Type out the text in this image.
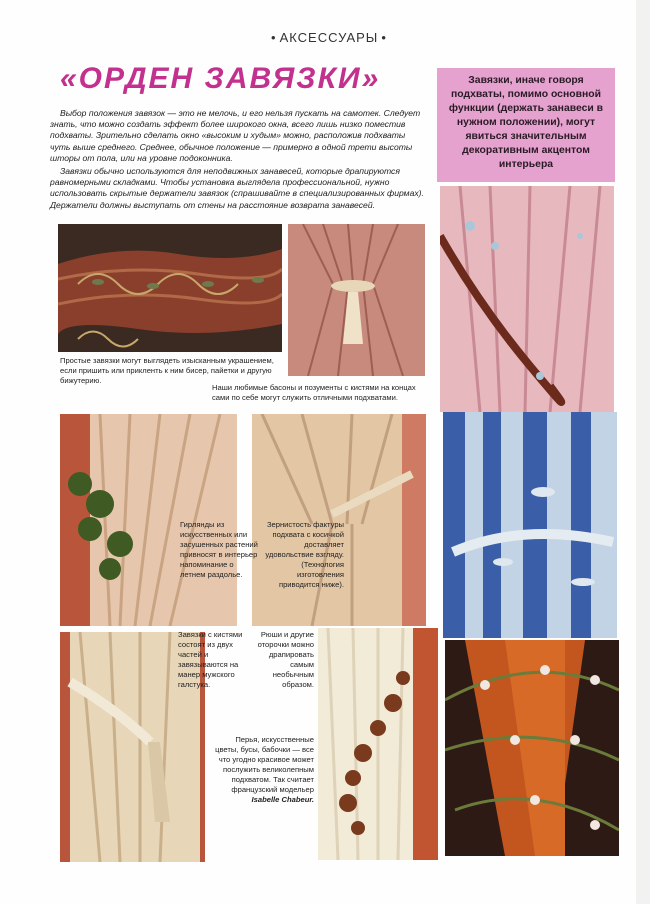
• АКСЕССУАРЫ •
«ОРДЕН ЗАВЯЗКИ»

Выбор положения завязок — это не мелочь, и его нельзя пускать на самотек. Следует знать, что можно создать эффект более широкого окна, всего лишь низко поместив подхваты. Зрительно сделать окно «высоким и худым» можно, расположив подхваты чуть выше среднего. Среднее, обычное положение — примерно в одной трети высоты шторы от пола, или на уровне подоконника.

Завязки обычно используются для неподвижных занавесей, которые драпируются равномерными складками. Чтобы установка выглядела профессиональной, нужно использовать скрытые держатели завязок (спрашивайте в специализированных фирмах). Держатели должны выступать от стены на расстояние возврата занавесей.

Завязки, иначе говоря подхваты, помимо основной функции (держать занавеси в нужном положении), могут явиться значительным декоративным акцентом интерьера
Простые завязки могут выглядеть изысканным украшением, если пришить или прикленть к ним бисер, пайетки и другую бижутерию.
Наши любимые басоны и позументы с кистями на концах сами по себе могут служить отличными подхватами.
Гирлянды из искусственных или засушенных растений привносят в интерьер напоминание о летнем раздолье.
Зернистость фактуры подхвата с косичкой доставляет удовольствие взгляду. (Технология изготовления приводится ниже).
Завязки с кистями состоят из двух частей и завязываются на манер мужского галстука.
Рюши и другие оторочки можно драпировать самым необычным образом.
Перья, искусственные цветы, бусы, бабочки — все что угодно красивое может послужить великолепным подхватом. Так считает французский модельер Isabelle Chabeur.
